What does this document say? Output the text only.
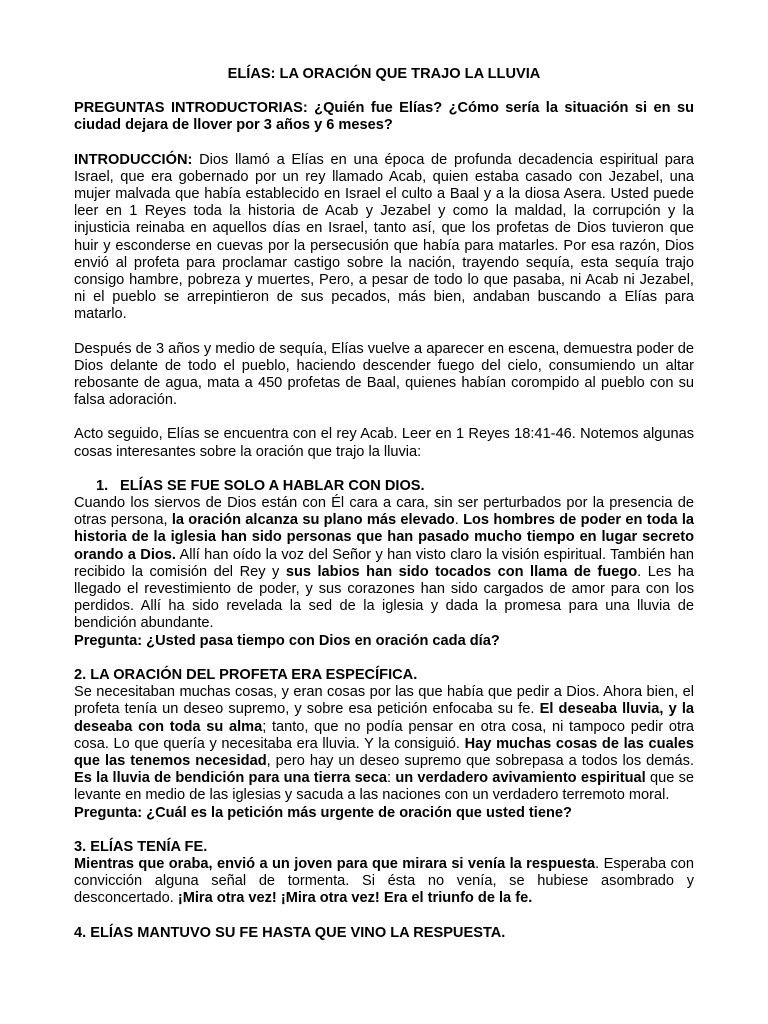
ELÍAS: LA ORACIÓN QUE TRAJO LA LLUVIA

PREGUNTAS INTRODUCTORIAS: ¿Quién fue Elías? ¿Cómo sería la situación si en su ciudad dejara de llover por 3 años y 6 meses?

INTRODUCCIÓN: Dios llamó a Elías en una época de profunda decadencia espiritual para Israel, que era gobernado por un rey llamado Acab, quien estaba casado con Jezabel, una mujer malvada que había establecido en Israel el culto a Baal y a la diosa Asera. Usted puede leer en 1 Reyes toda la historia de Acab y Jezabel y como la maldad, la corrupción y la injusticia reinaba en aquellos días en Israel, tanto así, que los profetas de Dios tuvieron que huir y esconderse en cuevas por la persecusión que había para matarles. Por esa razón, Dios envió al profeta para proclamar castigo sobre la nación, trayendo sequía, esta sequía trajo consigo hambre, pobreza y muertes, Pero, a pesar de todo lo que pasaba, ni Acab ni Jezabel, ni el pueblo se arrepintieron de sus pecados, más bien, andaban buscando a Elías para matarlo.

Después de 3 años y medio de sequía, Elías vuelve a aparecer en escena, demuestra poder de Dios delante de todo el pueblo, haciendo descender fuego del cielo, consumiendo un altar rebosante de agua, mata a 450 profetas de Baal, quienes habían corompido al pueblo con su falsa adoración.

Acto seguido, Elías se encuentra con el rey Acab. Leer en 1 Reyes 18:41-46. Notemos algunas cosas interesantes sobre la oración que trajo la lluvia:

1. ELÍAS SE FUE SOLO A HABLAR CON DIOS.

Cuando los siervos de Dios están con Él cara a cara, sin ser perturbados por la presencia de otras persona, la oración alcanza su plano más elevado. Los hombres de poder en toda la historia de la iglesia han sido personas que han pasado mucho tiempo en lugar secreto orando a Dios. Allí han oído la voz del Señor y han visto claro la visión espiritual. También han recibido la comisión del Rey y sus labios han sido tocados con llama de fuego. Les ha llegado el revestimiento de poder, y sus corazones han sido cargados de amor para con los perdidos. Allí ha sido revelada la sed de la iglesia y dada la promesa para una lluvia de bendición abundante.

Pregunta: ¿Usted pasa tiempo con Dios en oración cada día?

2. LA ORACIÓN DEL PROFETA ERA ESPECÍFICA.

Se necesitaban muchas cosas, y eran cosas por las que había que pedir a Dios. Ahora bien, el profeta tenía un deseo supremo, y sobre esa petición enfocaba su fe. El deseaba lluvia, y la deseaba con toda su alma; tanto, que no podía pensar en otra cosa, ni tampoco pedir otra cosa. Lo que quería y necesitaba era lluvia. Y la consiguió. Hay muchas cosas de las cuales que las tenemos necesidad, pero hay un deseo supremo que sobrepasa a todos los demás. Es la lluvia de bendición para una tierra seca: un verdadero avivamiento espiritual que se levante en medio de las iglesias y sacuda a las naciones con un verdadero terremoto moral.

Pregunta: ¿Cuál es la petición más urgente de oración que usted tiene?

3. ELÍAS TENÍA FE.

Mientras que oraba, envió a un joven para que mirara si venía la respuesta. Esperaba con convicción alguna señal de tormenta. Si ésta no venía, se hubiese asombrado y desconcertado. ¡Mira otra vez! ¡Mira otra vez! Era el triunfo de la fe.

4. ELÍAS MANTUVO SU FE HASTA QUE VINO LA RESPUESTA.
